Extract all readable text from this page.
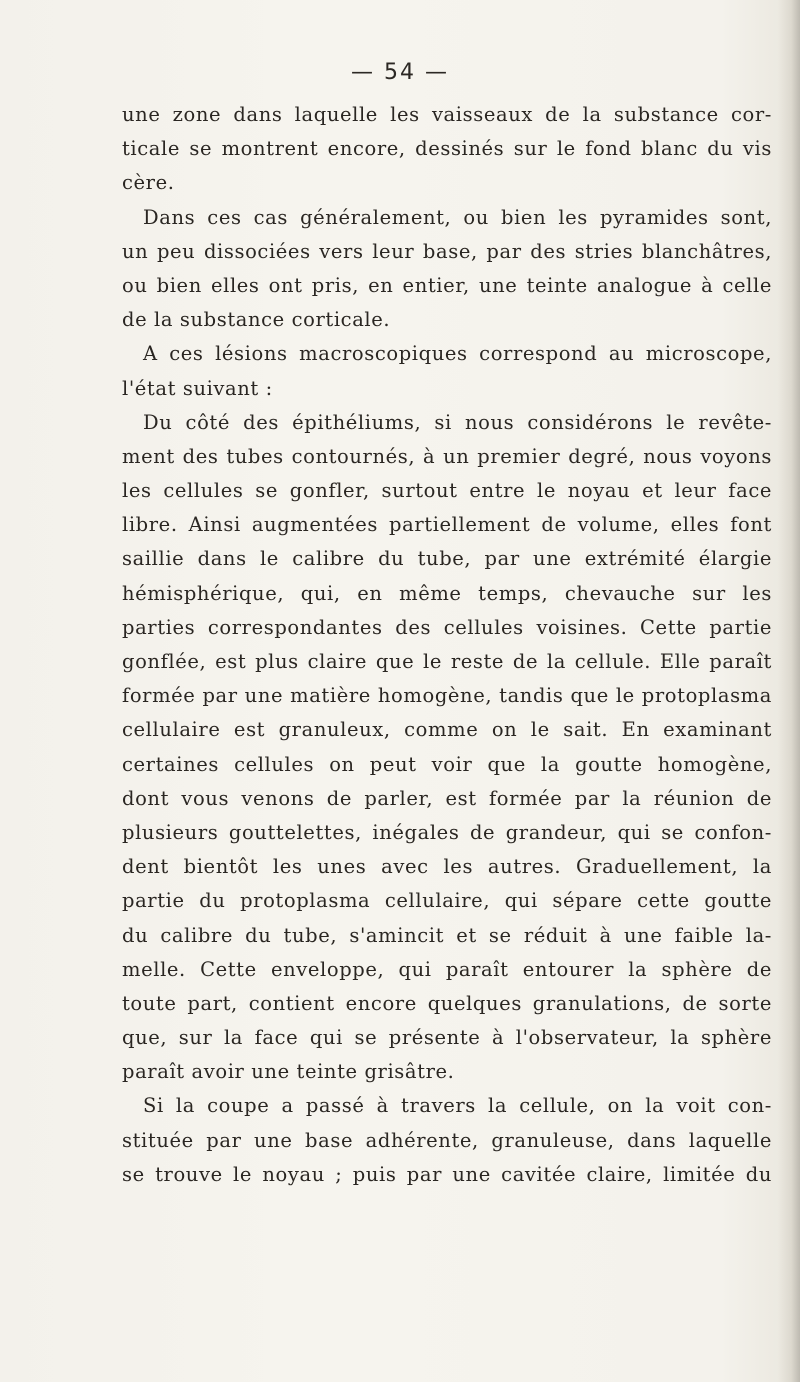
— 54 —
une zone dans laquelle les vaisseaux de la substance cor-
ticale se montrent encore, dessinés sur le fond blanc du vis
cère.
Dans ces cas généralement, ou bien les pyramides sont,
un peu dissociées vers leur base, par des stries blanchâtres,
ou bien elles ont pris, en entier, une teinte analogue à celle
de la substance corticale.
A ces lésions macroscopiques correspond au microscope,
l'état suivant :
Du côté des épithéliums, si nous considérons le revête-
ment des tubes contournés, à un premier degré, nous voyons
les cellules se gonfler, surtout entre le noyau et leur face
libre. Ainsi augmentées partiellement de volume, elles font
saillie dans le calibre du tube, par une extrémité élargie
hémisphérique, qui, en même temps, chevauche sur les
parties correspondantes des cellules voisines. Cette partie
gonflée, est plus claire que le reste de la cellule. Elle paraît
formée par une matière homogène, tandis que le protoplasma
cellulaire est granuleux, comme on le sait. En examinant
certaines cellules on peut voir que la goutte homogène,
dont vous venons de parler, est formée par la réunion de
plusieurs gouttelettes, inégales de grandeur, qui se confon-
dent bientôt les unes avec les autres. Graduellement, la
partie du protoplasma cellulaire, qui sépare cette goutte
du calibre du tube, s'amincit et se réduit à une faible la-
melle. Cette enveloppe, qui paraît entourer la sphère de
toute part, contient encore quelques granulations, de sorte
que, sur la face qui se présente à l'observateur, la sphère
paraît avoir une teinte grisâtre.
Si la coupe a passé à travers la cellule, on la voit con-
stituée par une base adhérente, granuleuse, dans laquelle
se trouve le noyau ; puis par une cavitée claire, limitée du
